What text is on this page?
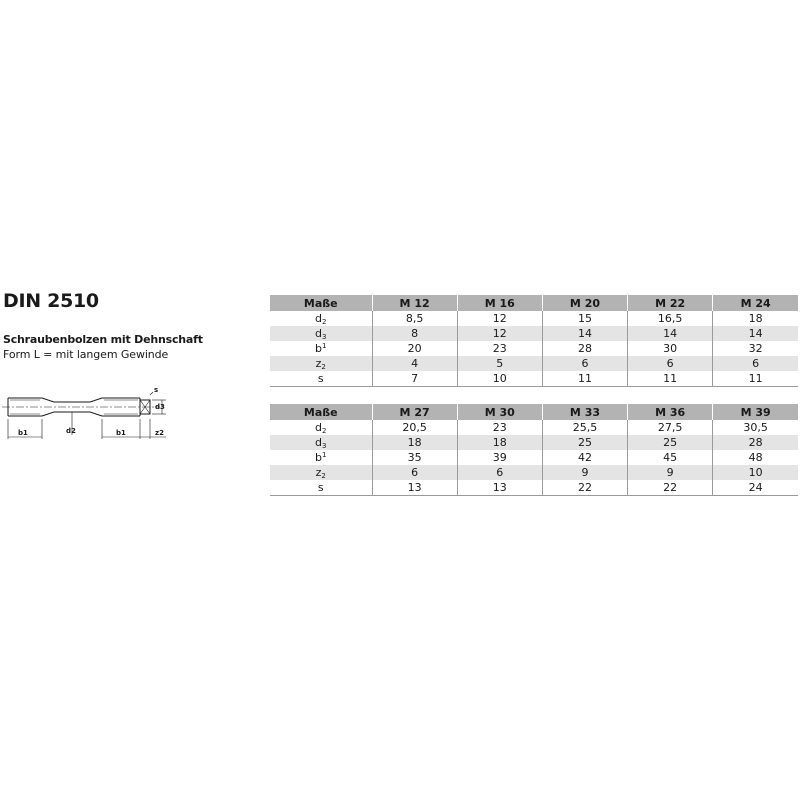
DIN 2510
Schraubenbolzen mit Dehnschaft
Form L = mit langem Gewinde
b1	d2	b1	z2
d3
s
Maße	M 12	M 16	M 20	M 22	M 24
$d_2$	8,5	12	15	16,5	18
$d_3$	8	12	14	14	14
$b^1$	20	23	28	30	32
$z_2$	4	5	6	6	6
s	7	10	11	11	11
Maße	M 27	M 30	M 33	M 36	M 39
$d_2$	20,5	23	25,5	27,5	30,5
$d_3$	18	18	25	25	28
$b^1$	35	39	42	45	48
$z_2$	6	6	9	9	10
s	13	13	22	22	24
